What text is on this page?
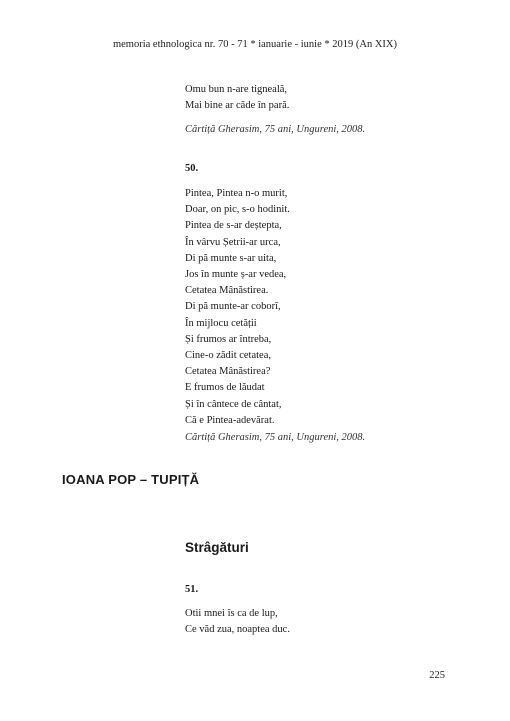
memoria ethnologica nr. 70 - 71 * ianuarie - iunie * 2019 (An XIX)
Omu bun n-are tigneală,
Mai bine ar căde în pară.
Cărtiță Gherasim, 75 ani, Ungureni, 2008.
50.
Pintea, Pintea n-o murit,
Doar, on pic, s-o hodinit.
Pintea de s-ar deștepta,
În vârvu Șetrii-ar urca,
Di pă munte s-ar uita,
Jos în munte ș-ar vedea,
Cetatea Mânăstirea.
Di pă munte-ar coborî,
În mijlocu cetății
Și frumos ar întreba,
Cine-o zădit cetatea,
Cetatea Mânăstirea?
E frumos de lăudat
Și în cântece de cântat,
Că e Pintea-adevărat.
Cărtiță Gherasim, 75 ani, Ungureni, 2008.
IOANA POP – TUPIȚĂ
Strâgături
51.
Otii mnei îs ca de lup,
Ce văd zua, noaptea duc.
225
